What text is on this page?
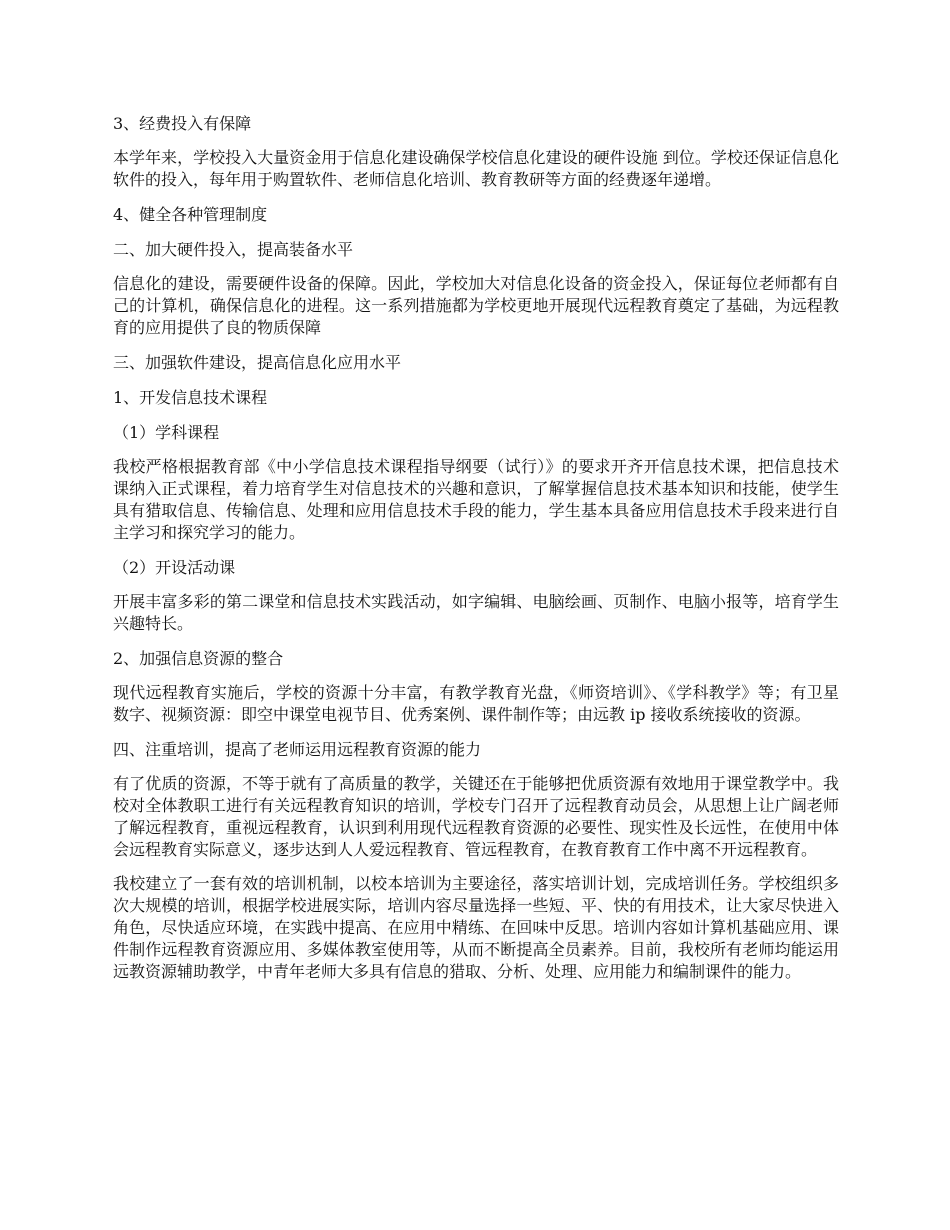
3、经费投入有保障
本学年来，学校投入大量资金用于信息化建设确保学校信息化建设的硬件设施 到位。学校还保证信息化软件的投入，每年用于购置软件、老师信息化培训、教育教研等方面的经费逐年递增。
4、健全各种管理制度
二、加大硬件投入，提高装备水平
信息化的建设，需要硬件设备的保障。因此，学校加大对信息化设备的资金投入，保证每位老师都有自己的计算机，确保信息化的进程。这一系列措施都为学校更地开展现代远程教育奠定了基础，为远程教育的应用提供了良的物质保障
三、加强软件建设，提高信息化应用水平
1、开发信息技术课程
（1）学科课程
我校严格根据教育部《中小学信息技术课程指导纲要（试行）》的要求开齐开信息技术课，把信息技术课纳入正式课程，着力培育学生对信息技术的兴趣和意识，了解掌握信息技术基本知识和技能，使学生具有猎取信息、传输信息、处理和应用信息技术手段的能力，学生基本具备应用信息技术手段来进行自主学习和探究学习的能力。
（2）开设活动课
开展丰富多彩的第二课堂和信息技术实践活动，如字编辑、电脑绘画、页制作、电脑小报等，培育学生兴趣特长。
2、加强信息资源的整合
现代远程教育实施后，学校的资源十分丰富，有教学教育光盘，《师资培训》、《学科教学》等；有卫星数字、视频资源：即空中课堂电视节目、优秀案例、课件制作等；由远教 ip 接收系统接收的资源。
四、注重培训，提高了老师运用远程教育资源的能力
有了优质的资源，不等于就有了高质量的教学，关键还在于能够把优质资源有效地用于课堂教学中。我校对全体教职工进行有关远程教育知识的培训，学校专门召开了远程教育动员会，从思想上让广阔老师了解远程教育，重视远程教育，认识到利用现代远程教育资源的必要性、现实性及长远性，在使用中体会远程教育实际意义，逐步达到人人爱远程教育、管远程教育，在教育教育工作中离不开远程教育。
我校建立了一套有效的培训机制，以校本培训为主要途径，落实培训计划，完成培训任务。学校组织多次大规模的培训，根据学校进展实际，培训内容尽量选择一些短、平、快的有用技术，让大家尽快进入角色，尽快适应环境，在实践中提高、在应用中精练、在回味中反思。培训内容如计算机基础应用、课件制作远程教育资源应用、多媒体教室使用等，从而不断提高全员素养。目前，我校所有老师均能运用远教资源辅助教学，中青年老师大多具有信息的猎取、分析、处理、应用能力和编制课件的能力。
